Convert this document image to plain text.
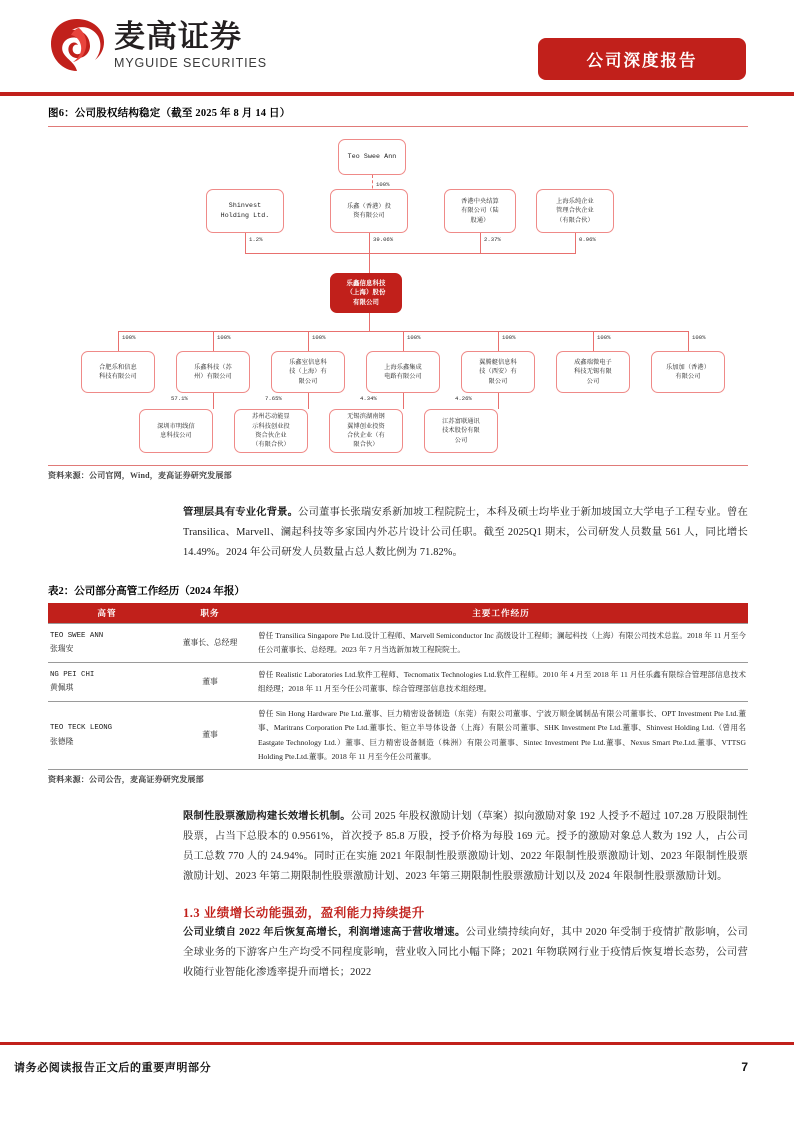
麦高证券
MYGUIDE SECURITIES	公司深度报告

图6：公司股权结构稳定（截至 2025 年 8 月 14 日）

Teo Swee Ann
100%
Shinvest
Holding Ltd.
乐鑫（香港）投
资有限公司
香港中央结算
有限公司（陆
股通）
上海乐纯企业
管理合伙企业
（有限合伙）
1.2%	39.06%	2.37%	0.96%
乐鑫信息科技
（上海）股份
有限公司
100%	100%	100%	100%	100%	100%	100%
合肥乐和信息
科技有限公司
乐鑫科技（苏
州）有限公司
乐鑫室信息科
技（上海）有
限公司
上海乐鑫集成
电路有限公司
翼腾艇信息科
技（西安）有
限公司
成鑫瑞微电子
科技无锡有限
公司
乐加加（香港）
有限公司
57.1%	7.65%	4.34%	4.26%
深圳市明线信
息科技公司
苏州芯动能显
示科技创业投
资合伙企业
（有限合伙）
无锡滨湖南钢
翼博创业投资
合伙企业（有
限合伙）
江苏富联通讯
技术股份有限
公司

资料来源：公司官网，Wind，麦高证券研究发展部

管理层具有专业化背景。公司董事长张瑞安系新加坡工程院院士，本科及硕士均毕业于新加坡国立大学电子工程专业。曾在 Transilica、Marvell、澜起科技等多家国内外芯片设计公司任职。截至 2025Q1 期末，公司研发人员数量 561 人，同比增长 14.49%。2024 年公司研发人员数量占总人数比例为 71.82%。

表2：公司部分高管工作经历（2024 年报）

高管	职务	主要工作经历
TEO SWEE ANN
张瑞安	董事长、总经理	曾任 Transilica Singapore Pte Ltd.设计工程师、Marvell Semiconductor Inc 高级设计工程师；澜起科技（上海）有限公司技术总监。2018 年 11 月至今任公司董事长、总经理。2023 年 7 月当选新加坡工程院院士。
NG PEI CHI
黄佩琪	董事	曾任 Realistic Laboratories Ltd.软件工程师、Tecnomatix Technologies Ltd.软件工程师。2010 年 4 月至 2018 年 11 月任乐鑫有限综合管理部信息技术组经理；2018 年 11 月至今任公司董事、综合管理部信息技术组经理。
TEO TECK LEONG
张德隆	董事	曾任 Sin Hong Hardware Pte Ltd.董事、巨力精密设备制造（东莞）有限公司董事、宁波万顺金属制品有限公司董事长、OPT Investment Pte Ltd.董事、Maritrans Corporation Pte Ltd.董事长、钜立半导体设备（上海）有限公司董事、SHK Investment Pte Ltd.董事、Shinvest Holding Ltd.（曾用名 Eastgate Technology Ltd.）董事、巨力精密设备制造（株洲）有限公司董事、Sintec Investment Pte Ltd.董事、Nexus Smart Pte.Ltd.董事、VTTSG Holding Pte.Ltd.董事。2018 年 11 月至今任公司董事。

资料来源：公司公告，麦高证券研究发展部

限制性股票激励构建长效增长机制。公司 2025 年股权激励计划（草案）拟向激励对象 192 人授予不超过 107.28 万股限制性股票，占当下总股本的 0.9561%，首次授予 85.8 万股，授予价格为每股 169 元。授予的激励对象总人数为 192 人，占公司员工总数 770 人的 24.94%。同时正在实施 2021 年限制性股票激励计划、2022 年限制性股票激励计划、2023 年限制性股票激励计划、2023 年第二期限制性股票激励计划、2023 年第三期限制性股票激励计划以及 2024 年限制性股票激励计划。

1.3 业绩增长动能强劲，盈利能力持续提升

公司业绩自 2022 年后恢复高增长，利润增速高于营收增速。公司业绩持续向好，其中 2020 年受制于疫情扩散影响，公司全球业务的下游客户生产均受不同程度影响，营业收入同比小幅下降；2021 年物联网行业于疫情后恢复增长态势，公司营收随行业智能化渗透率提升而增长；2022

请务必阅读报告正文后的重要声明部分	7
